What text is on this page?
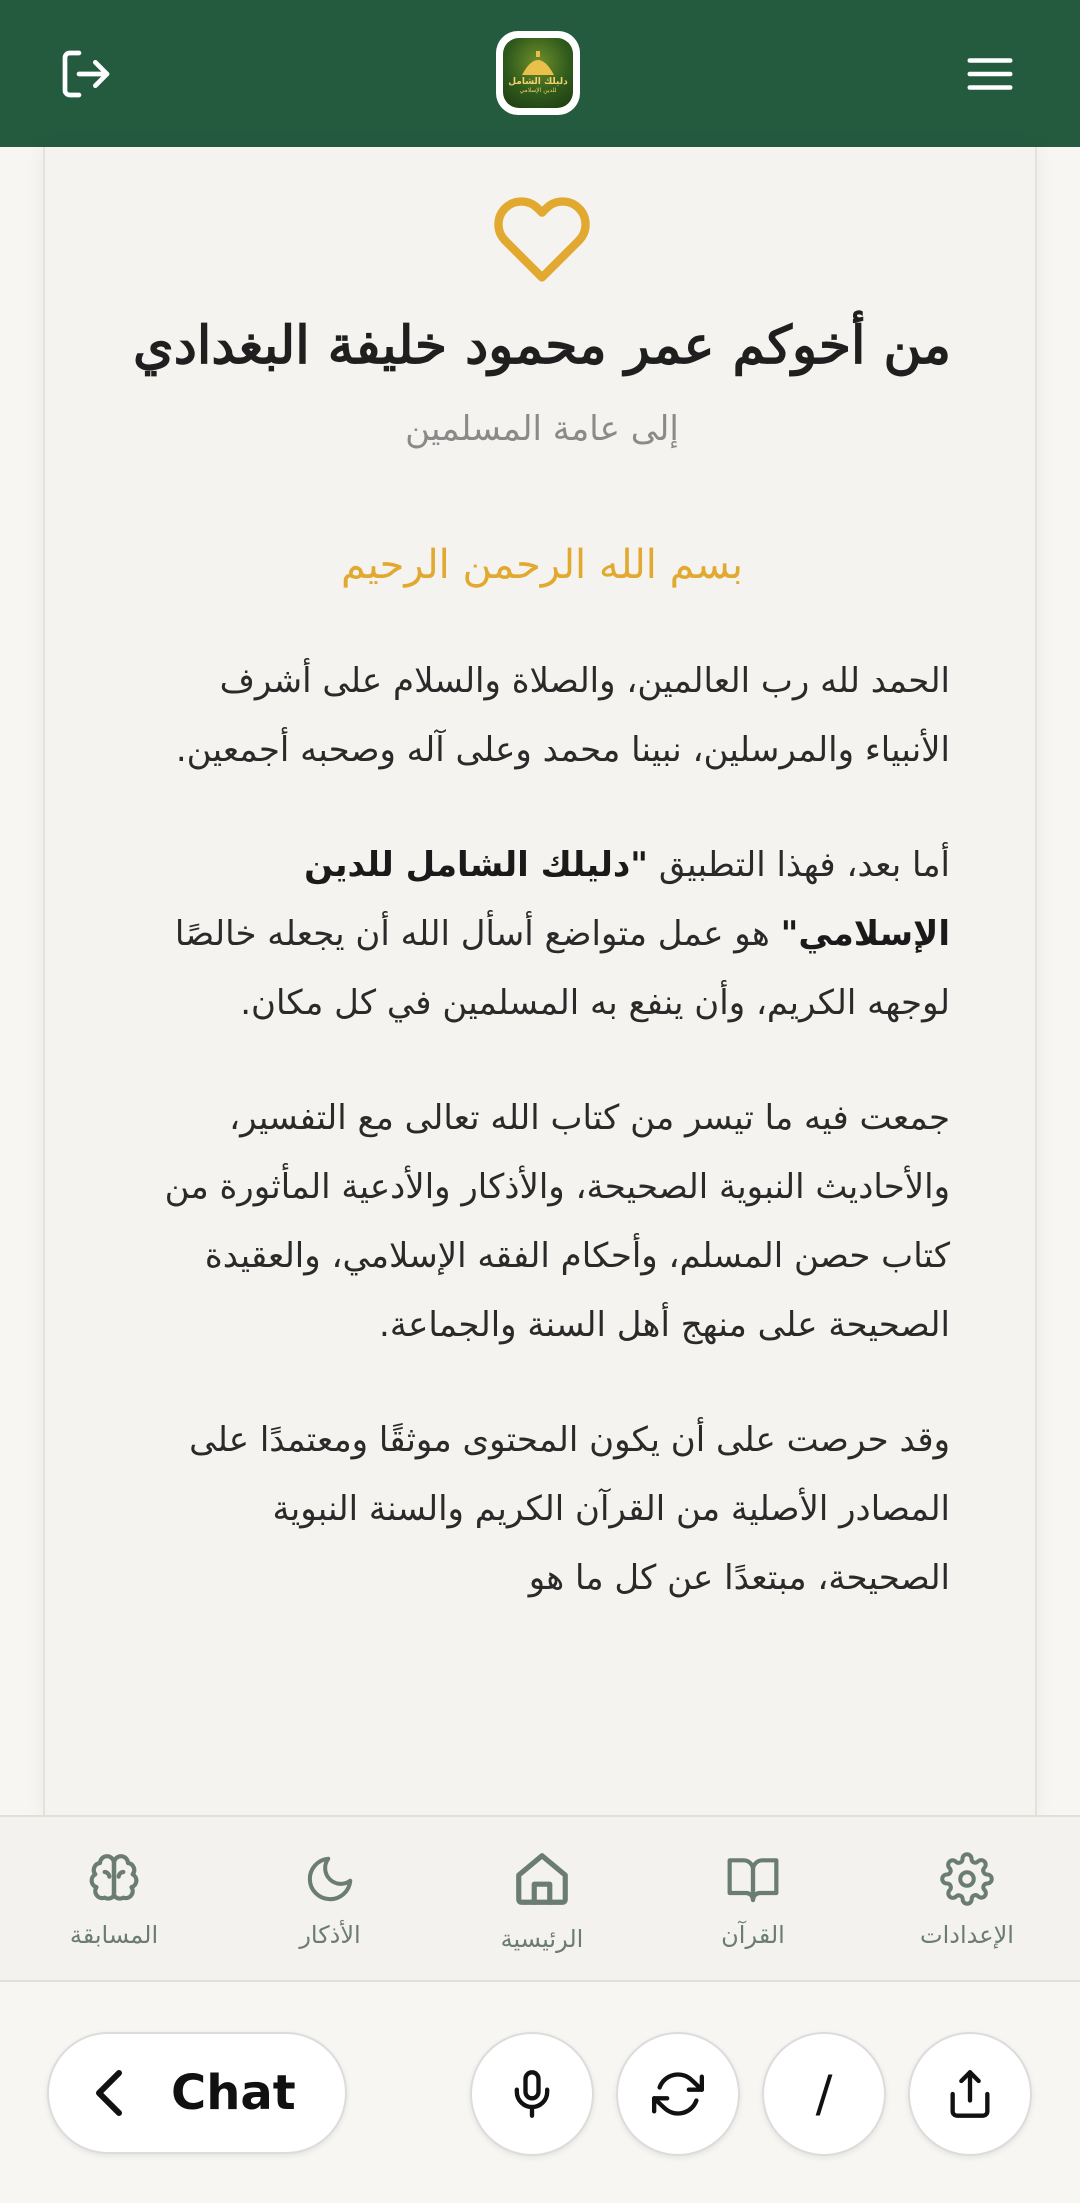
دليلك الشامل
للدين الإسلامي
من أخوكم عمر محمود خليفة البغدادي
إلى عامة المسلمين
بسم الله الرحمن الرحيم

الحمد لله رب العالمين، والصلاة والسلام على أشرف الأنبياء والمرسلين، نبينا محمد وعلى آله وصحبه أجمعين.

أما بعد، فهذا التطبيق "دليلك الشامل للدين الإسلامي" هو عمل متواضع أسأل الله أن يجعله خالصًا لوجهه الكريم، وأن ينفع به المسلمين في كل مكان.

جمعت فيه ما تيسر من كتاب الله تعالى مع التفسير، والأحاديث النبوية الصحيحة، والأذكار والأدعية المأثورة من كتاب حصن المسلم، وأحكام الفقه الإسلامي، والعقيدة الصحيحة على منهج أهل السنة والجماعة.

وقد حرصت على أن يكون المحتوى موثقًا ومعتمدًا على المصادر الأصلية من القرآن الكريم والسنة النبوية الصحيحة، مبتعدًا عن كل ما هو

المسابقة	الأذكار	الرئيسية	القرآن	الإعدادات
Chat	/
